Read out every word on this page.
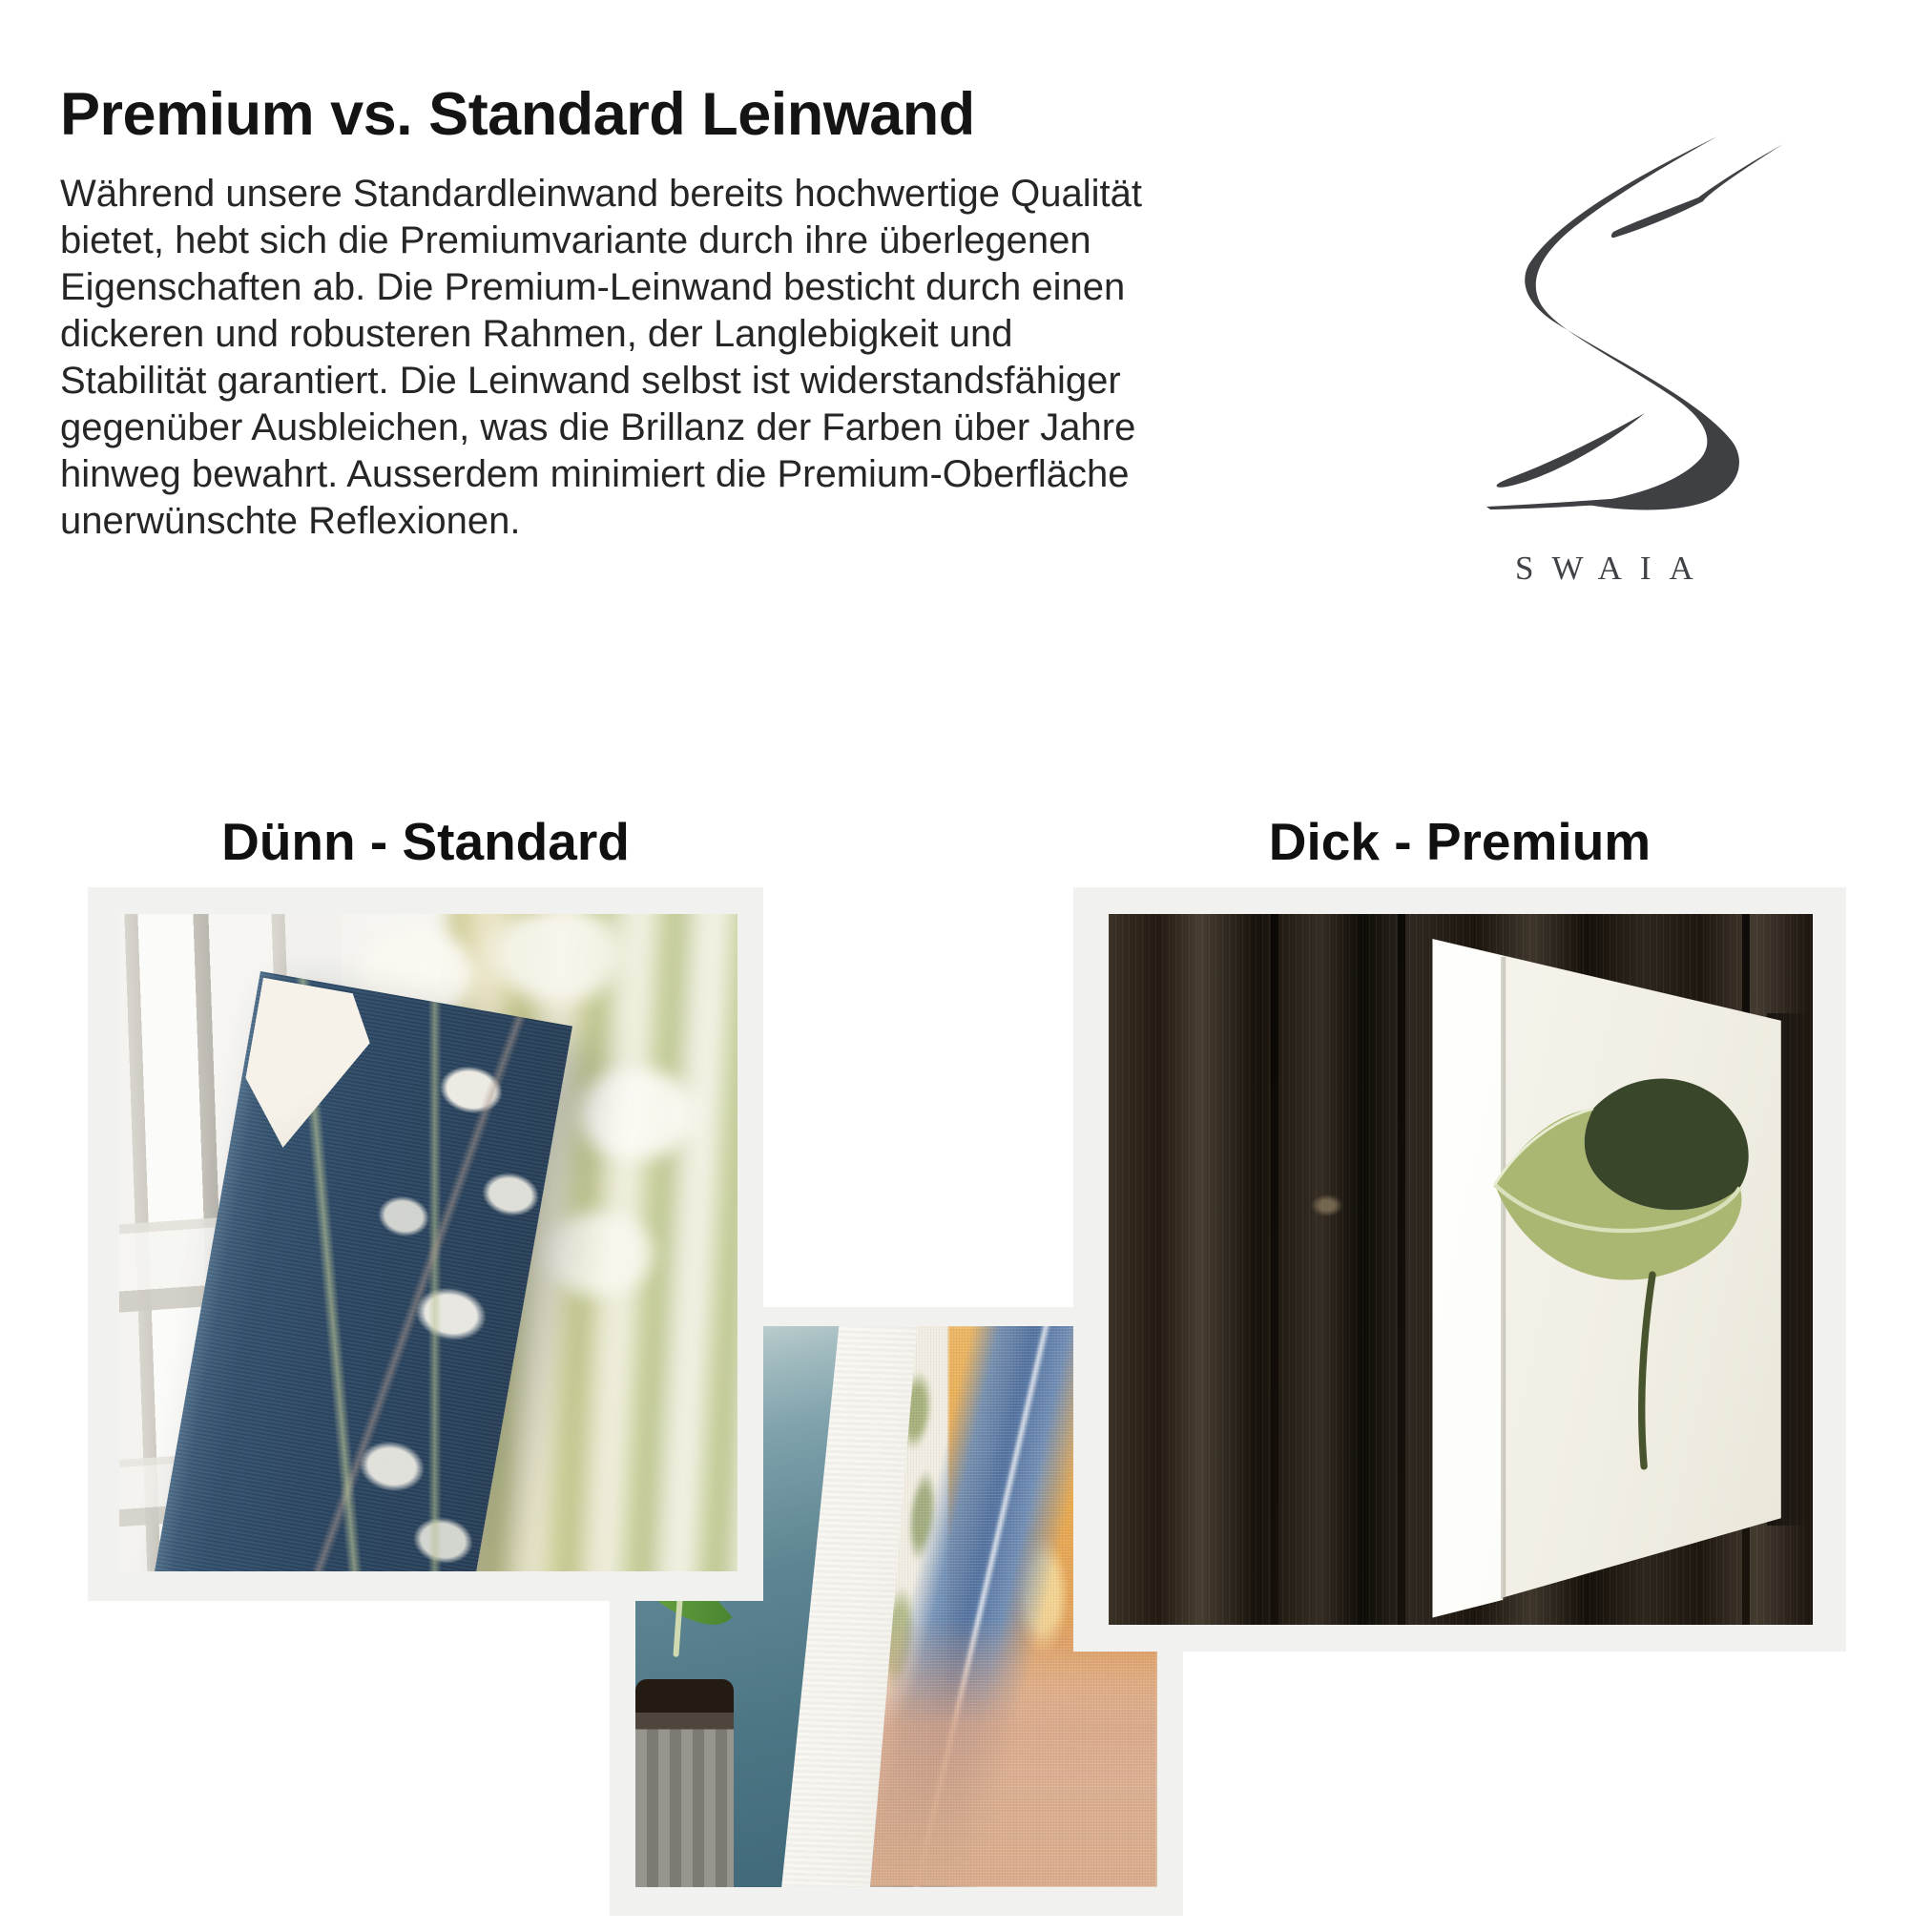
Premium vs. Standard Leinwand

Während unsere Standardleinwand bereits hochwertige Qualität bietet, hebt sich die Premiumvariante durch ihre überlegenen Eigenschaften ab. Die Premium-Leinwand besticht durch einen dickeren und robusteren Rahmen, der Langlebigkeit und Stabilität garantiert. Die Leinwand selbst ist widerstandsfähiger gegenüber Ausbleichen, was die Brillanz der Farben über Jahre hinweg bewahrt. Ausserdem minimiert die Premium-Oberfläche unerwünschte Reflexionen.

SWAIA

Dünn - Standard	Dick - Premium
